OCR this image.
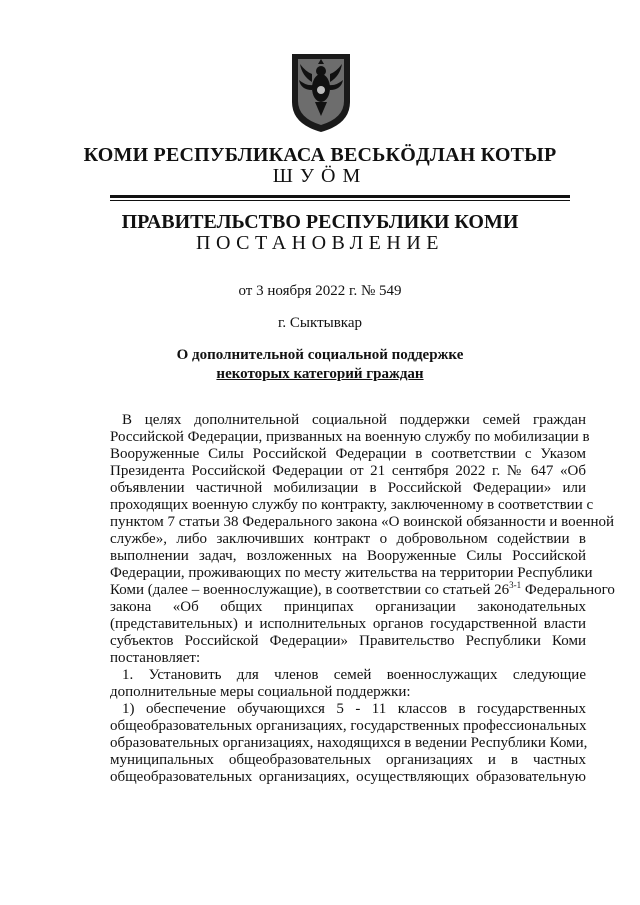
КОМИ РЕСПУБЛИКАСА ВЕСЬКӦДЛАН КОТЫР
ШУӦМ
ПРАВИТЕЛЬСТВО РЕСПУБЛИКИ КОМИ
ПОСТАНОВЛЕНИЕ
от 3 ноября 2022 г. № 549
г. Сыктывкар
О дополнительной социальной поддержке
некоторых категорий граждан
В целях дополнительной социальной поддержки семей граждан
Российской Федерации, призванных на военную службу по мобилизации в
Вооруженные Силы Российской Федерации в соответствии с Указом
Президента Российской Федерации от 21 сентября 2022 г. № 647 «Об
объявлении частичной мобилизации в Российской Федерации» или
проходящих военную службу по контракту, заключенному в соответствии с
пунктом 7 статьи 38 Федерального закона «О воинской обязанности и военной
службе», либо заключивших контракт о добровольном содействии в
выполнении задач, возложенных на Вооруженные Силы Российской
Федерации, проживающих по месту жительства на территории Республики
Коми (далее – военнослужащие), в соответствии со статьей 26$^{3-1}$ Федерального
закона «Об общих принципах организации законодательных
(представительных) и исполнительных органов государственной власти
субъектов Российской Федерации» Правительство Республики Коми
постановляет:
1. Установить для членов семей военнослужащих следующие
дополнительные меры социальной поддержки:
1) обеспечение обучающихся 5 - 11 классов в государственных
общеобразовательных организациях, государственных профессиональных
образовательных организациях, находящихся в ведении Республики Коми,
муниципальных общеобразовательных организациях и в частных
общеобразовательных организациях, осуществляющих образовательную
